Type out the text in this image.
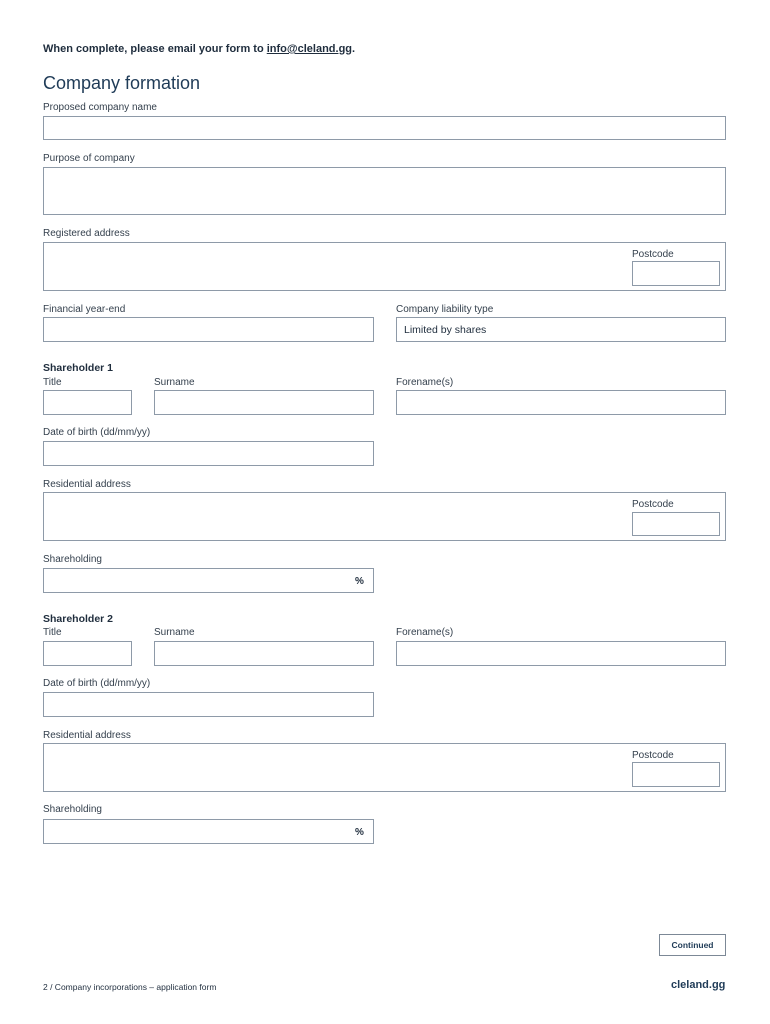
When complete, please email your form to info@cleland.gg.
Company formation
Proposed company name
Purpose of company
Registered address
Postcode
Financial year-end	Company liability type
Limited by shares
Shareholder 1
Title	Surname	Forename(s)
Date of birth (dd/mm/yy)
Residential address
Postcode
Shareholding
%
Shareholder 2
Title	Surname	Forename(s)
Date of birth (dd/mm/yy)
Residential address
Postcode
Shareholding
%
Continued
2 / Company incorporations – application form	cleland.gg
